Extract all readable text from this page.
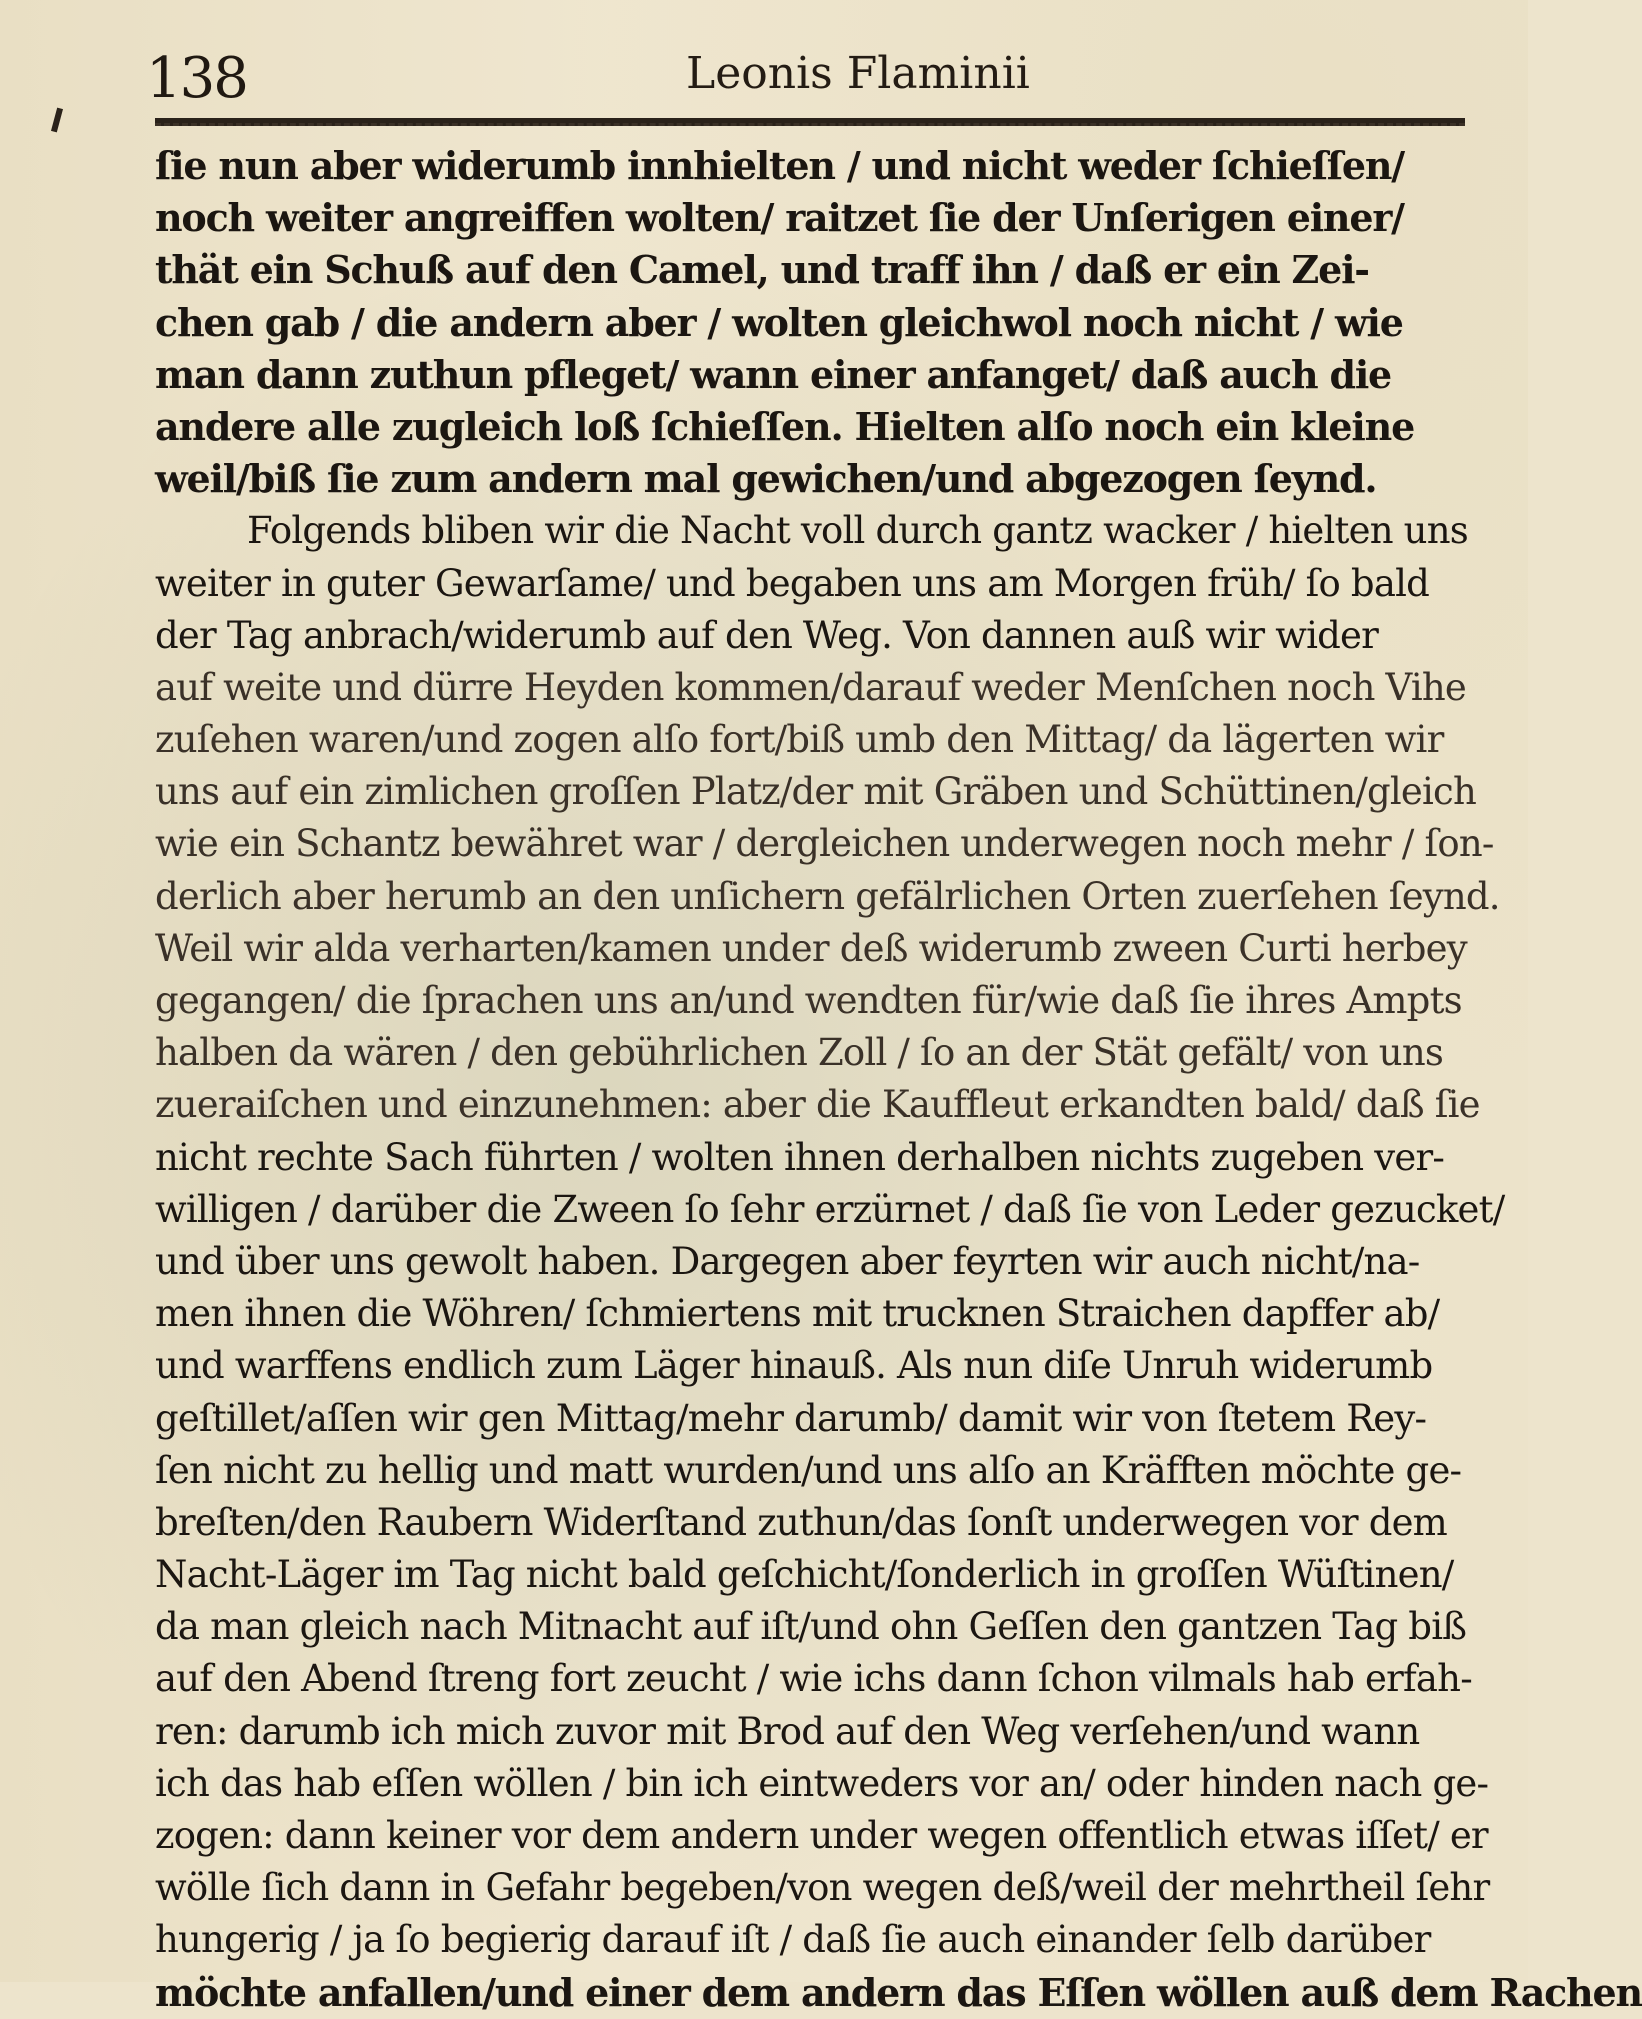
138	Leonis Flaminii
ſie nun aber widerumb innhielten / und nicht weder ſchieſſen/
noch weiter angreiffen wolten/ raitzet ſie der Unſerigen einer/
thät ein Schuß auf den Camel, und traff ihn / daß er ein Zei-
chen gab / die andern aber / wolten gleichwol noch nicht / wie
man dann zuthun pfleget/ wann einer anfanget/ daß auch die
andere alle zugleich loß ſchieſſen. Hielten alſo noch ein kleine
weil/biß ſie zum andern mal gewichen/und abgezogen ſeynd.
Folgends bliben wir die Nacht voll durch gantz wacker / hielten uns
weiter in guter Gewarſame/ und begaben uns am Morgen früh/ ſo bald
der Tag anbrach/widerumb auf den Weg. Von dannen auß wir wider
auf weite und dürre Heyden kommen/darauf weder Menſchen noch Vihe
zuſehen waren/und zogen alſo fort/biß umb den Mittag/ da lägerten wir
uns auf ein zimlichen groſſen Platz/der mit Gräben und Schüttinen/gleich
wie ein Schantz bewähret war / dergleichen underwegen noch mehr / ſon-
derlich aber herumb an den unſichern gefälrlichen Orten zuerſehen ſeynd.
Weil wir alda verharten/kamen under deß widerumb zween Curti herbey
gegangen/ die ſprachen uns an/und wendten für/wie daß ſie ihres Ampts
halben da wären / den gebührlichen Zoll / ſo an der Stät gefält/ von uns
zueraiſchen und einzunehmen: aber die Kauffleut erkandten bald/ daß ſie
nicht rechte Sach führten / wolten ihnen derhalben nichts zugeben ver-
willigen / darüber die Zween ſo ſehr erzürnet / daß ſie von Leder gezucket/
und über uns gewolt haben. Dargegen aber feyrten wir auch nicht/na-
men ihnen die Wöhren/ ſchmiertens mit trucknen Straichen dapffer ab/
und warffens endlich zum Läger hinauß. Als nun diſe Unruh widerumb
geſtillet/aſſen wir gen Mittag/mehr darumb/ damit wir von ſtetem Rey-
ſen nicht zu hellig und matt wurden/und uns alſo an Kräfften möchte ge-
breſten/den Raubern Widerſtand zuthun/das ſonſt underwegen vor dem
Nacht-Läger im Tag nicht bald geſchicht/ſonderlich in groſſen Wüſtinen/
da man gleich nach Mitnacht auf iſt/und ohn Geſſen den gantzen Tag biß
auf den Abend ſtreng fort zeucht / wie ichs dann ſchon vilmals hab erfah-
ren: darumb ich mich zuvor mit Brod auf den Weg verſehen/und wann
ich das hab eſſen wöllen / bin ich eintweders vor an/ oder hinden nach ge-
zogen: dann keiner vor dem andern under wegen offentlich etwas iſſet/ er
wölle ſich dann in Gefahr begeben/von wegen deß/weil der mehrtheil ſehr
hungerig / ja ſo begierig darauf iſt / daß ſie auch einander ſelb darüber
möchte anfallen/und einer dem andern das Eſſen wöllen auß dem Rachen
